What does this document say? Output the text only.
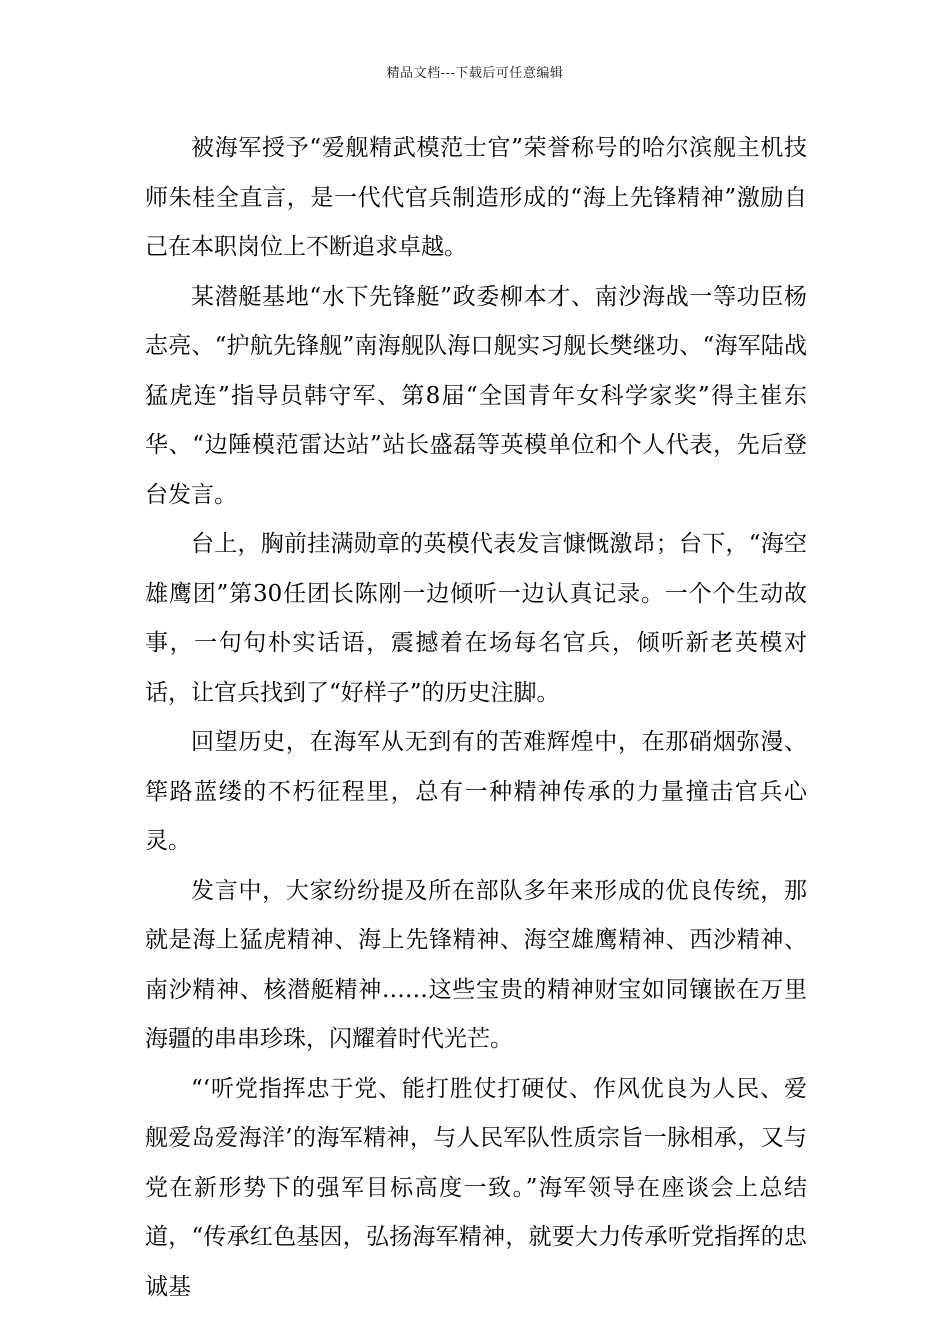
精品文档---下载后可任意编辑

被海军授予“爱舰精武模范士官”荣誉称号的哈尔滨舰主机技师朱桂全直言，是一代代官兵制造形成的“海上先锋精神”激励自己在本职岗位上不断追求卓越。

某潜艇基地“水下先锋艇”政委柳本才、南沙海战一等功臣杨志亮、“护航先锋舰”南海舰队海口舰实习舰长樊继功、“海军陆战猛虎连”指导员韩守军、第8届“全国青年女科学家奖”得主崔东华、“边陲模范雷达站”站长盛磊等英模单位和个人代表，先后登台发言。

台上，胸前挂满勋章的英模代表发言慷慨激昂；台下，“海空雄鹰团”第30任团长陈刚一边倾听一边认真记录。一个个生动故事，一句句朴实话语，震撼着在场每名官兵，倾听新老英模对话，让官兵找到了“好样子”的历史注脚。

回望历史，在海军从无到有的苦难辉煌中，在那硝烟弥漫、筚路蓝缕的不朽征程里，总有一种精神传承的力量撞击官兵心灵。

发言中，大家纷纷提及所在部队多年来形成的优良传统，那就是海上猛虎精神、海上先锋精神、海空雄鹰精神、西沙精神、南沙精神、核潜艇精神……这些宝贵的精神财宝如同镶嵌在万里海疆的串串珍珠，闪耀着时代光芒。

“‘听党指挥忠于党、能打胜仗打硬仗、作风优良为人民、爱舰爱岛爱海洋’的海军精神，与人民军队性质宗旨一脉相承，又与党在新形势下的强军目标高度一致。”海军领导在座谈会上总结道，“传承红色基因，弘扬海军精神，就要大力传承听党指挥的忠诚基
